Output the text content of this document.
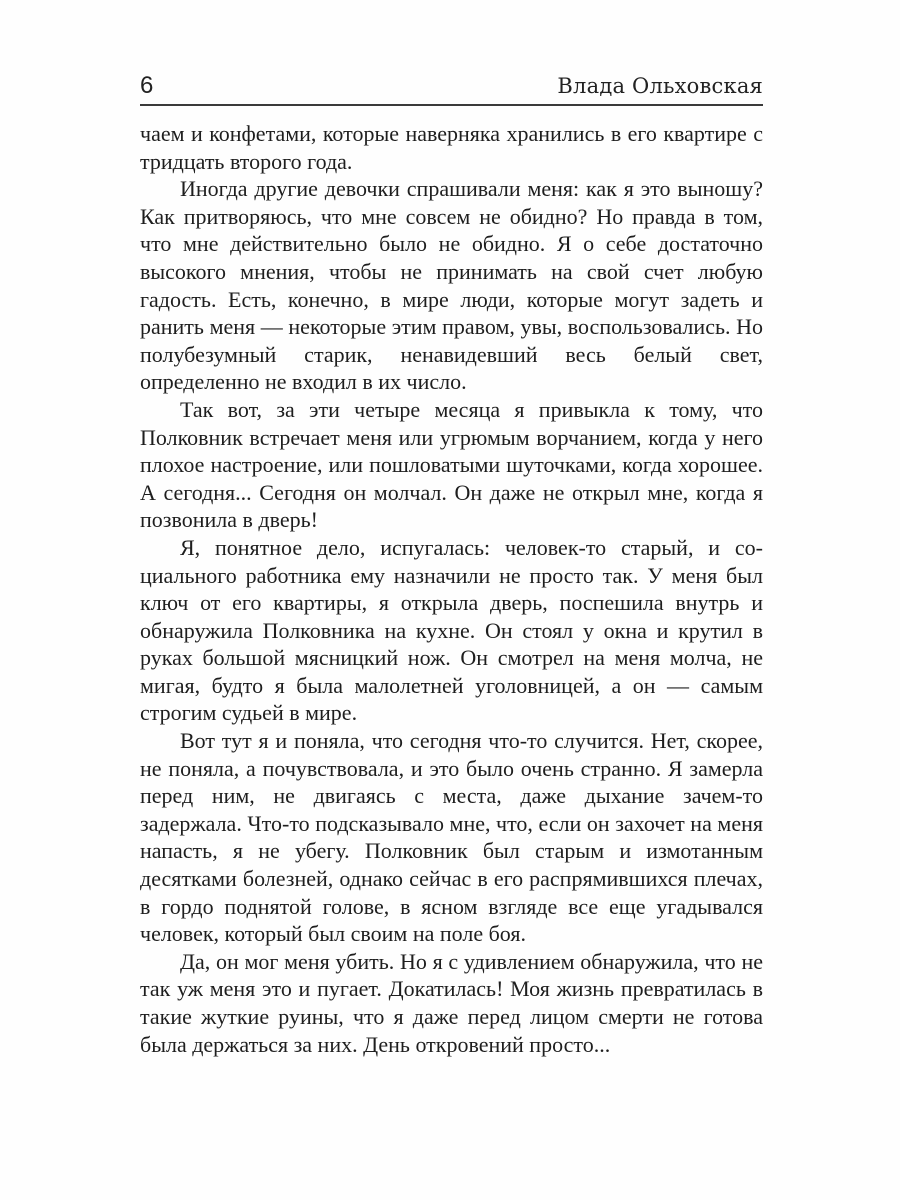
6	Влада Ольховская

чаем и конфетами, которые наверняка хранились в его квартире с тридцать второго года.

Иногда другие девочки спрашивали меня: как я это выношу? Как притворяюсь, что мне совсем не обидно? Но правда в том, что мне действительно было не обидно. Я о себе достаточно высокого мнения, чтобы не принимать на свой счет любую гадость. Есть, конечно, в мире люди, которые могут задеть и ранить меня — некоторые этим правом, увы, воспользовались. Но полубезумный старик, ненавидевший весь белый свет, определенно не входил в их число.

Так вот, за эти четыре месяца я привыкла к тому, что Полковник встречает меня или угрюмым ворчанием, когда у него плохое настроение, или пошловатыми шуточками, когда хорошее. А сегодня... Сегодня он молчал. Он даже не открыл мне, когда я позвонила в дверь!

Я, понятное дело, испугалась: человек-то старый, и социального работника ему назначили не просто так. У меня был ключ от его квартиры, я открыла дверь, поспешила внутрь и обнаружила Полковника на кухне. Он стоял у окна и крутил в руках большой мясницкий нож. Он смотрел на меня молча, не мигая, будто я была малолетней уголовницей, а он — самым строгим судьей в мире.

Вот тут я и поняла, что сегодня что-то случится. Нет, скорее, не поняла, а почувствовала, и это было очень странно. Я замерла перед ним, не двигаясь с места, даже дыхание зачем-то задержала. Что-то подсказывало мне, что, если он захочет на меня напасть, я не убегу. Полковник был старым и измотанным десятками болезней, однако сейчас в его распрямившихся плечах, в гордо поднятой голове, в ясном взгляде все еще угадывался человек, который был своим на поле боя.

Да, он мог меня убить. Но я с удивлением обнаружила, что не так уж меня это и пугает. Докатилась! Моя жизнь превратилась в такие жуткие руины, что я даже перед лицом смерти не готова была держаться за них. День откровений просто...
